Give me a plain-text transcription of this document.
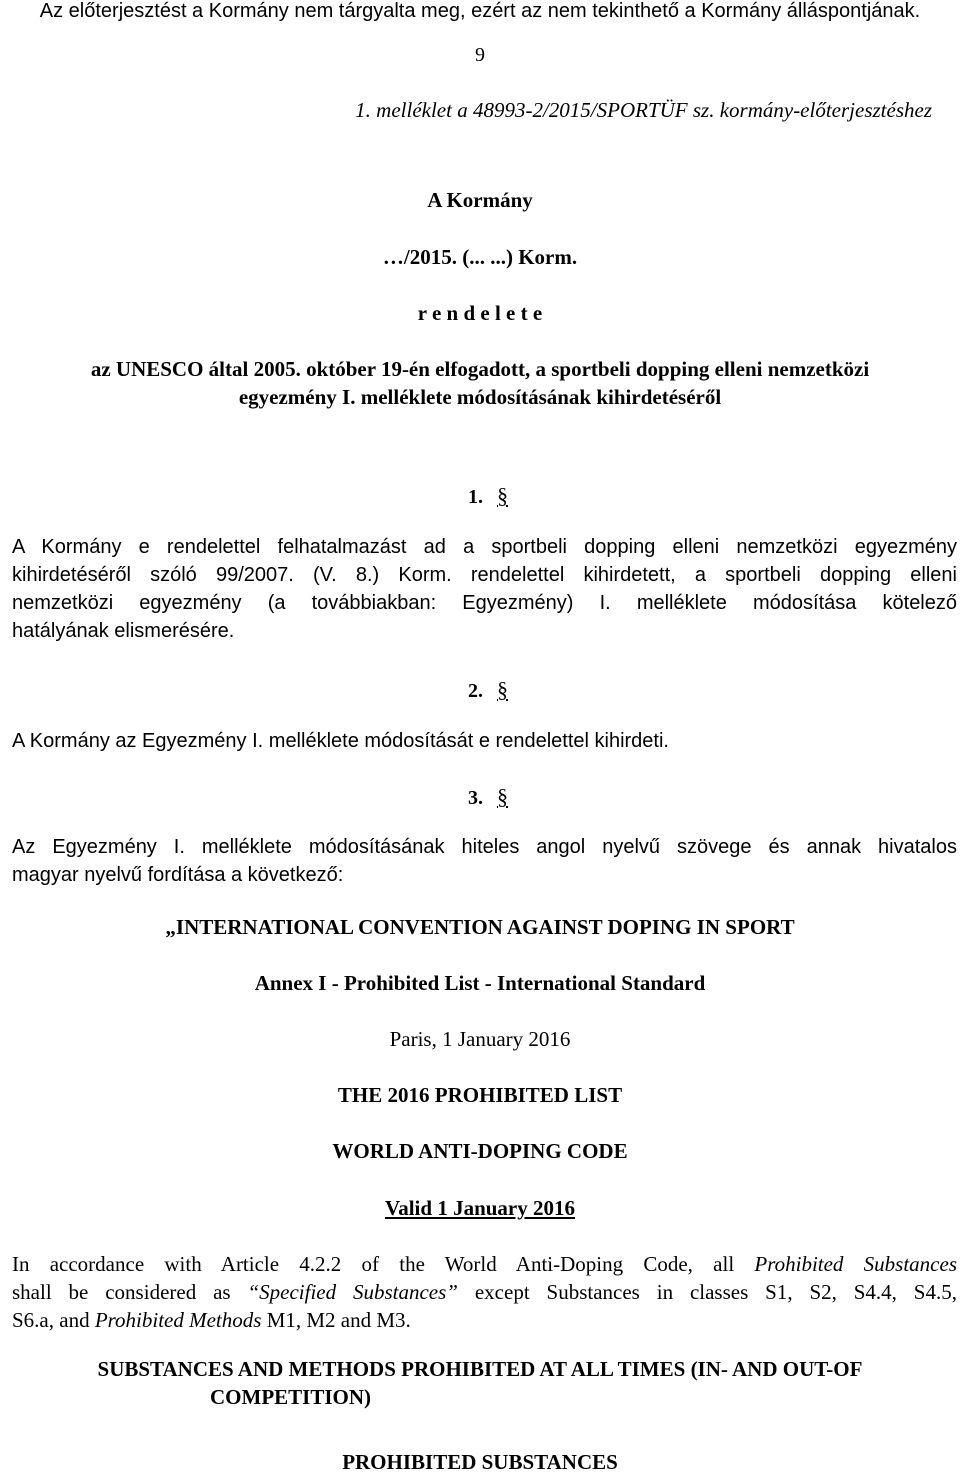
Az előterjesztést a Kormány nem tárgyalta meg, ezért az nem tekinthető a Kormány álláspontjának.
9
1. melléklet a 48993-2/2015/SPORTÜF sz. kormány-előterjesztéshez
A Kormány
…/2015. (... ...) Korm.
r e n d e l e t e
az UNESCO által 2005. október 19-én elfogadott, a sportbeli dopping elleni nemzetközi
egyezmény I. melléklete módosításának kihirdetéséről
1. §
A Kormány e rendelettel felhatalmazást ad a sportbeli dopping elleni nemzetközi egyezmény
kihirdetéséről szóló 99/2007. (V. 8.) Korm. rendelettel kihirdetett, a sportbeli dopping elleni
nemzetközi egyezmény (a továbbiakban: Egyezmény) I. melléklete módosítása kötelező
hatályának elismerésére.
2. §
A Kormány az Egyezmény I. melléklete módosítását e rendelettel kihirdeti.
3. §
Az Egyezmény I. melléklete módosításának hiteles angol nyelvű szövege és annak hivatalos
magyar nyelvű fordítása a következő:
„INTERNATIONAL CONVENTION AGAINST DOPING IN SPORT
Annex I - Prohibited List - International Standard
Paris, 1 January 2016
THE 2016 PROHIBITED LIST
WORLD ANTI-DOPING CODE
Valid 1 January 2016
In accordance with Article 4.2.2 of the World Anti-Doping Code, all Prohibited Substances
shall be considered as “Specified Substances” except Substances in classes S1, S2, S4.4, S4.5,
S6.a, and Prohibited Methods M1, M2 and M3.
SUBSTANCES AND METHODS PROHIBITED AT ALL TIMES (IN- AND OUT-OF
COMPETITION)
PROHIBITED SUBSTANCES
